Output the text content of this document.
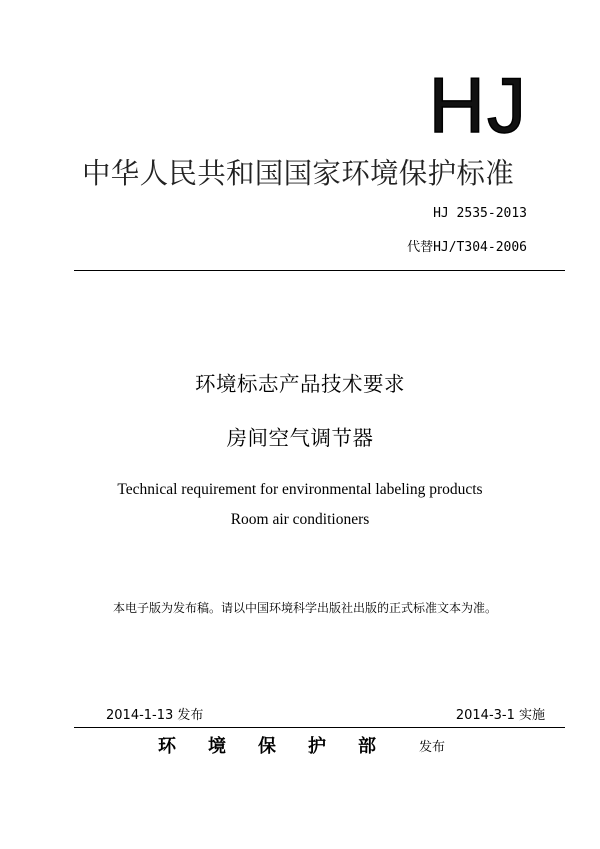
HJ
中华人民共和国国家环境保护标准
HJ 2535-2013
代替HJ/T304-2006
环境标志产品技术要求
房间空气调节器
Technical requirement for environmental labeling products
Room air conditioners
本电子版为发布稿。请以中国环境科学出版社出版的正式标准文本为准。
2014-1-13 发布	2014-3-1 实施
环境保护部 发布
